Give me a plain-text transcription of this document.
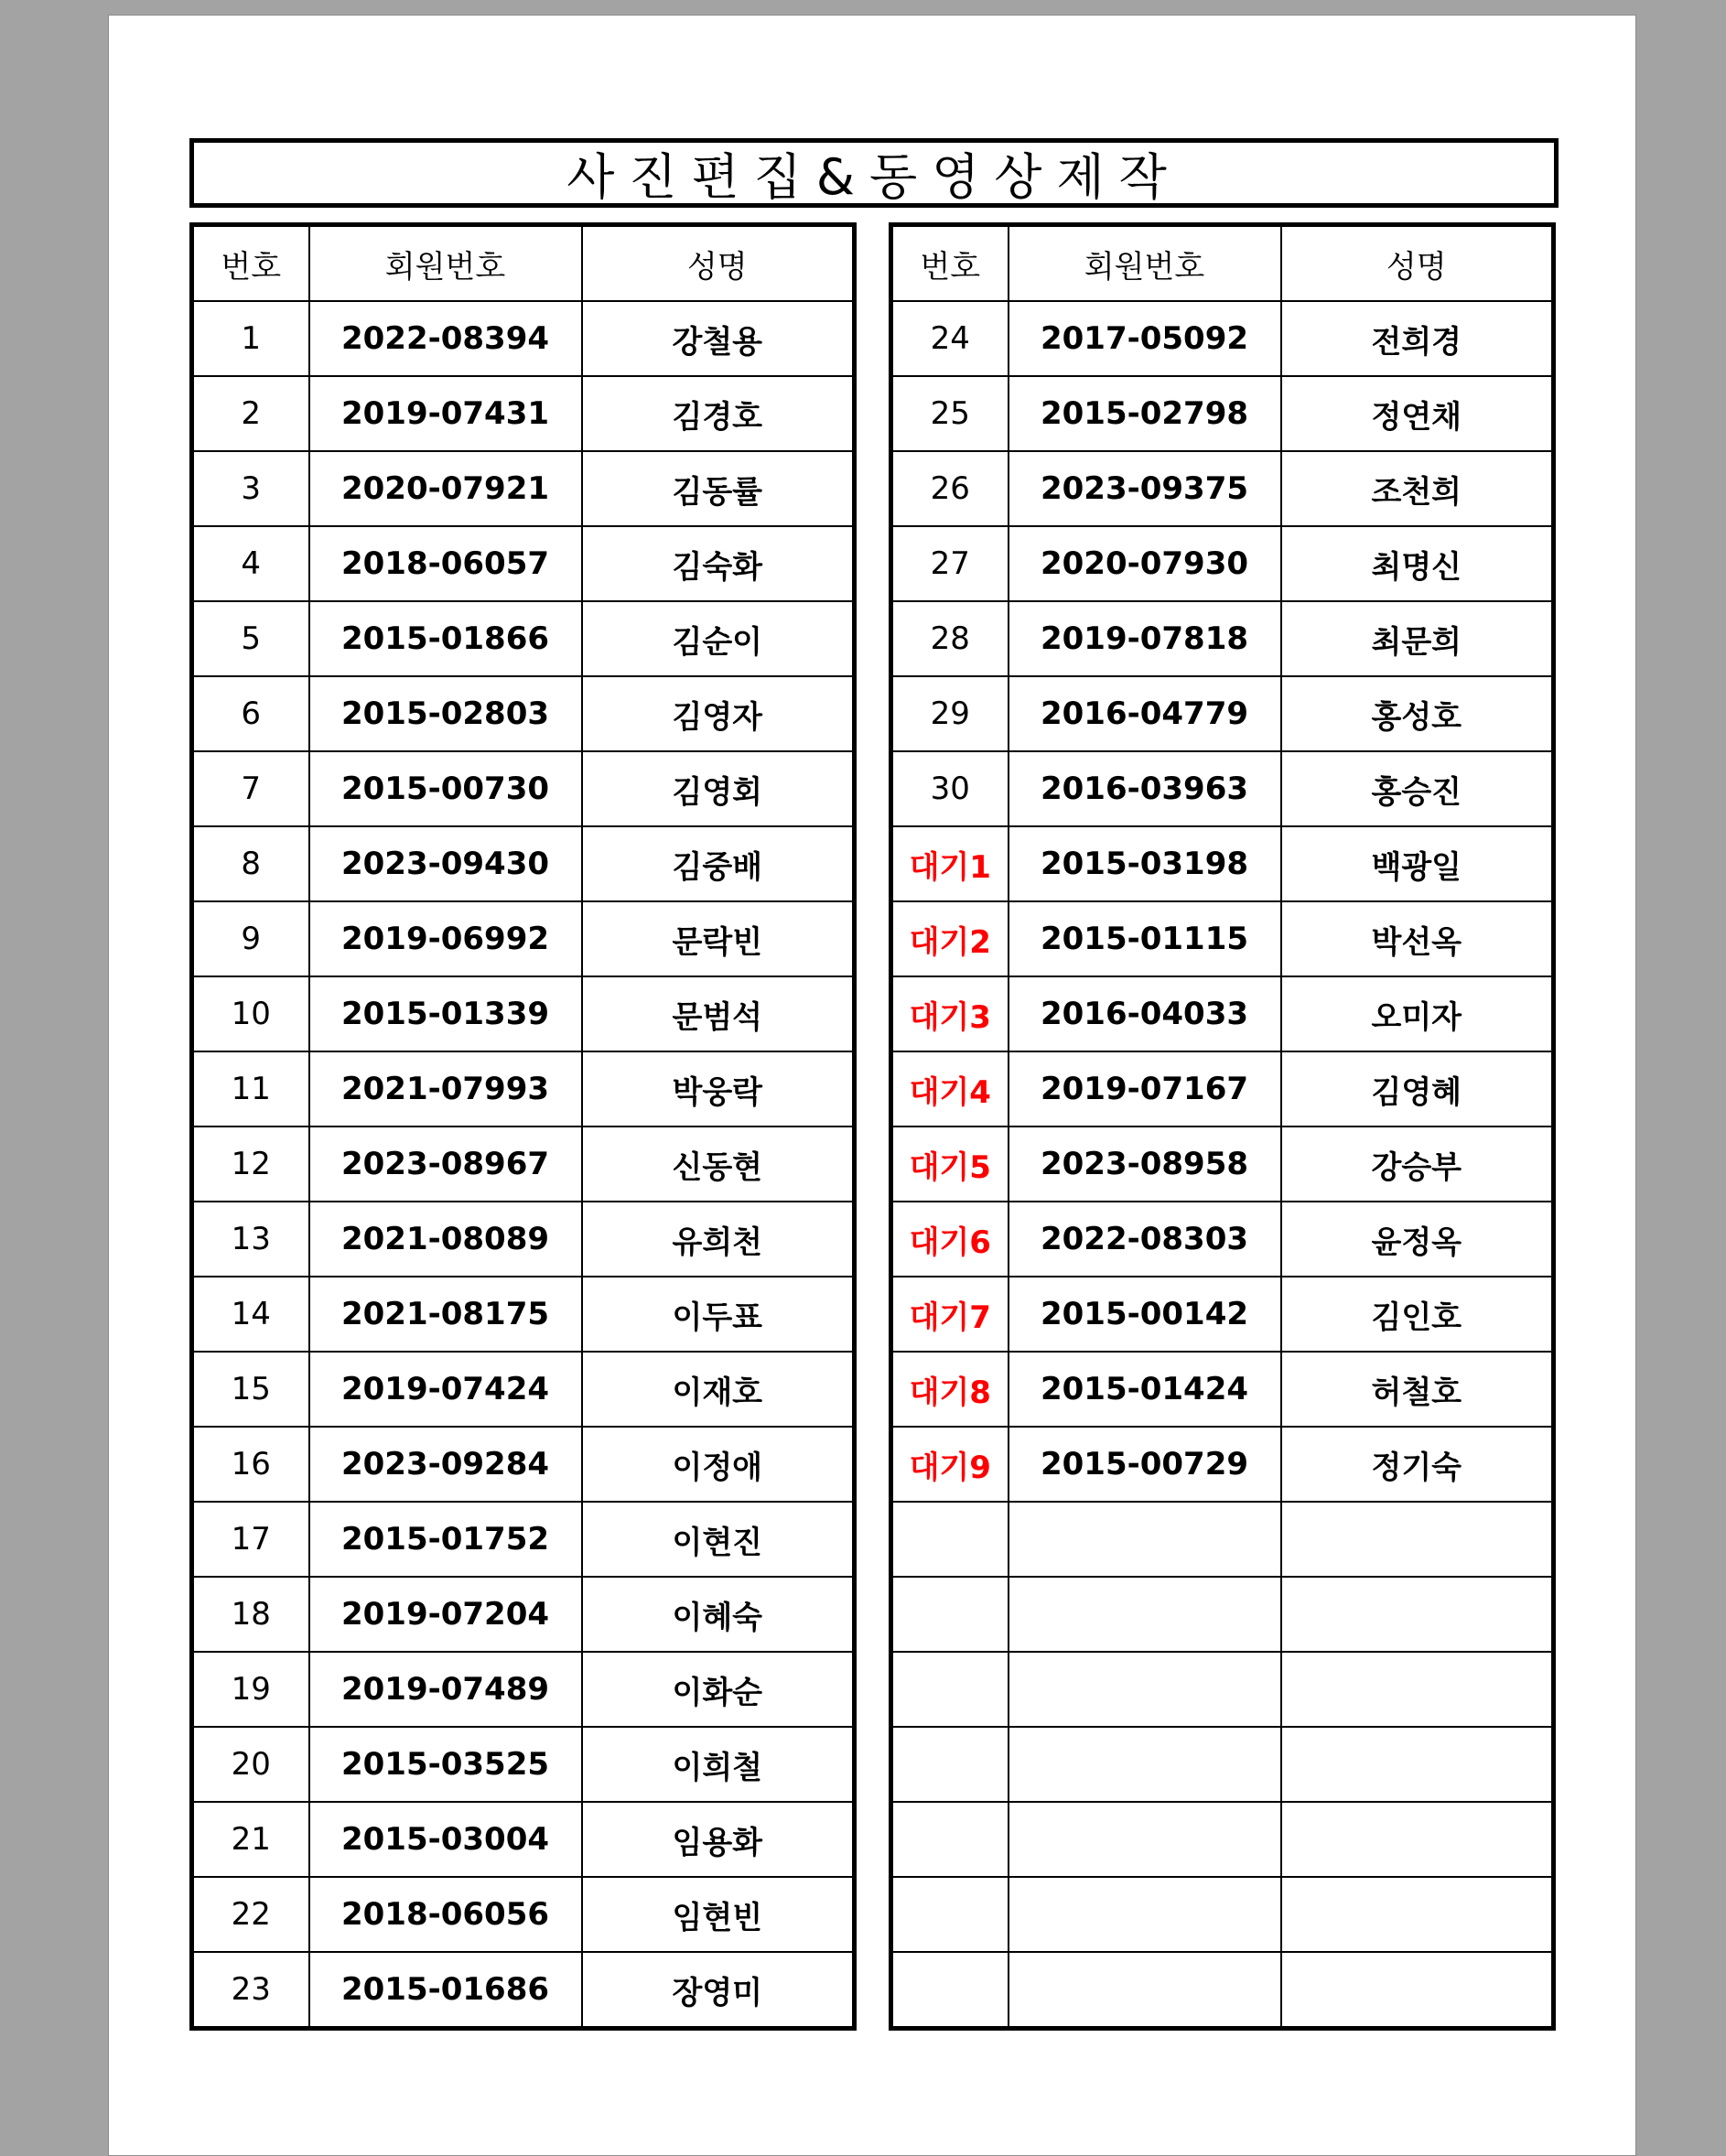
사진편집&동영상제작
번호	회원번호	성명
1	2022-08394	강철용
2	2019-07431	김경호
3	2020-07921	김동률
4	2018-06057	김숙화
5	2015-01866	김순이
6	2015-02803	김영자
7	2015-00730	김영회
8	2023-09430	김중배
9	2019-06992	문락빈
10	2015-01339	문범석
11	2021-07993	박웅락
12	2023-08967	신동현
13	2021-08089	유희천
14	2021-08175	이두표
15	2019-07424	이재호
16	2023-09284	이정애
17	2015-01752	이현진
18	2019-07204	이혜숙
19	2019-07489	이화순
20	2015-03525	이희철
21	2015-03004	임용화
22	2018-06056	임현빈
23	2015-01686	장영미
번호	회원번호	성명
24	2017-05092	전희경
25	2015-02798	정연채
26	2023-09375	조천희
27	2020-07930	최명신
28	2019-07818	최문희
29	2016-04779	홍성호
30	2016-03963	홍승진
대기1	2015-03198	백광일
대기2	2015-01115	박선옥
대기3	2016-04033	오미자
대기4	2019-07167	김영혜
대기5	2023-08958	강승부
대기6	2022-08303	윤정옥
대기7	2015-00142	김인호
대기8	2015-01424	허철호
대기9	2015-00729	정기숙
